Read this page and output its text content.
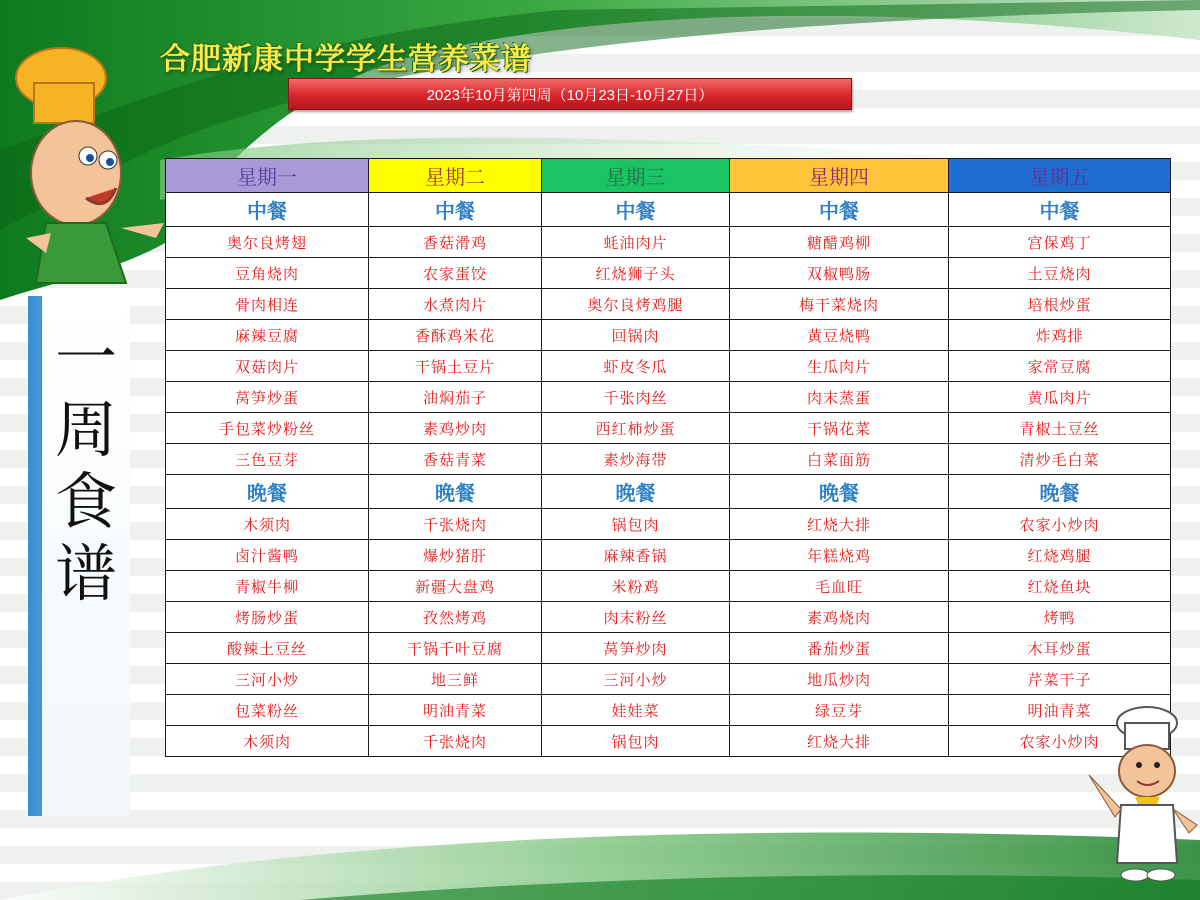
合肥新康中学学生营养菜谱
2023年10月第四周（10月23日-10月27日）
一
周
食
谱
星期一	星期二	星期三	星期四	星期五
中餐	中餐	中餐	中餐	中餐
奥尔良烤翅	香菇滑鸡	蚝油肉片	糖醋鸡柳	宫保鸡丁
豆角烧肉	农家蛋饺	红烧狮子头	双椒鸭肠	土豆烧肉
骨肉相连	水煮肉片	奥尔良烤鸡腿	梅干菜烧肉	培根炒蛋
麻辣豆腐	香酥鸡米花	回锅肉	黄豆烧鸭	炸鸡排
双菇肉片	干锅土豆片	虾皮冬瓜	生瓜肉片	家常豆腐
莴笋炒蛋	油焖茄子	千张肉丝	肉末蒸蛋	黄瓜肉片
手包菜炒粉丝	素鸡炒肉	西红柿炒蛋	干锅花菜	青椒土豆丝
三色豆芽	香菇青菜	素炒海带	白菜面筋	清炒毛白菜
晚餐	晚餐	晚餐	晚餐	晚餐
木须肉	千张烧肉	锅包肉	红烧大排	农家小炒肉
卤汁酱鸭	爆炒猪肝	麻辣香锅	年糕烧鸡	红烧鸡腿
青椒牛柳	新疆大盘鸡	米粉鸡	毛血旺	红烧鱼块
烤肠炒蛋	孜然烤鸡	肉末粉丝	素鸡烧肉	烤鸭
酸辣土豆丝	干锅千叶豆腐	莴笋炒肉	番茄炒蛋	木耳炒蛋
三河小炒	地三鲜	三河小炒	地瓜炒肉	芹菜干子
包菜粉丝	明油青菜	娃娃菜	绿豆芽	明油青菜
木须肉	千张烧肉	锅包肉	红烧大排	农家小炒肉
